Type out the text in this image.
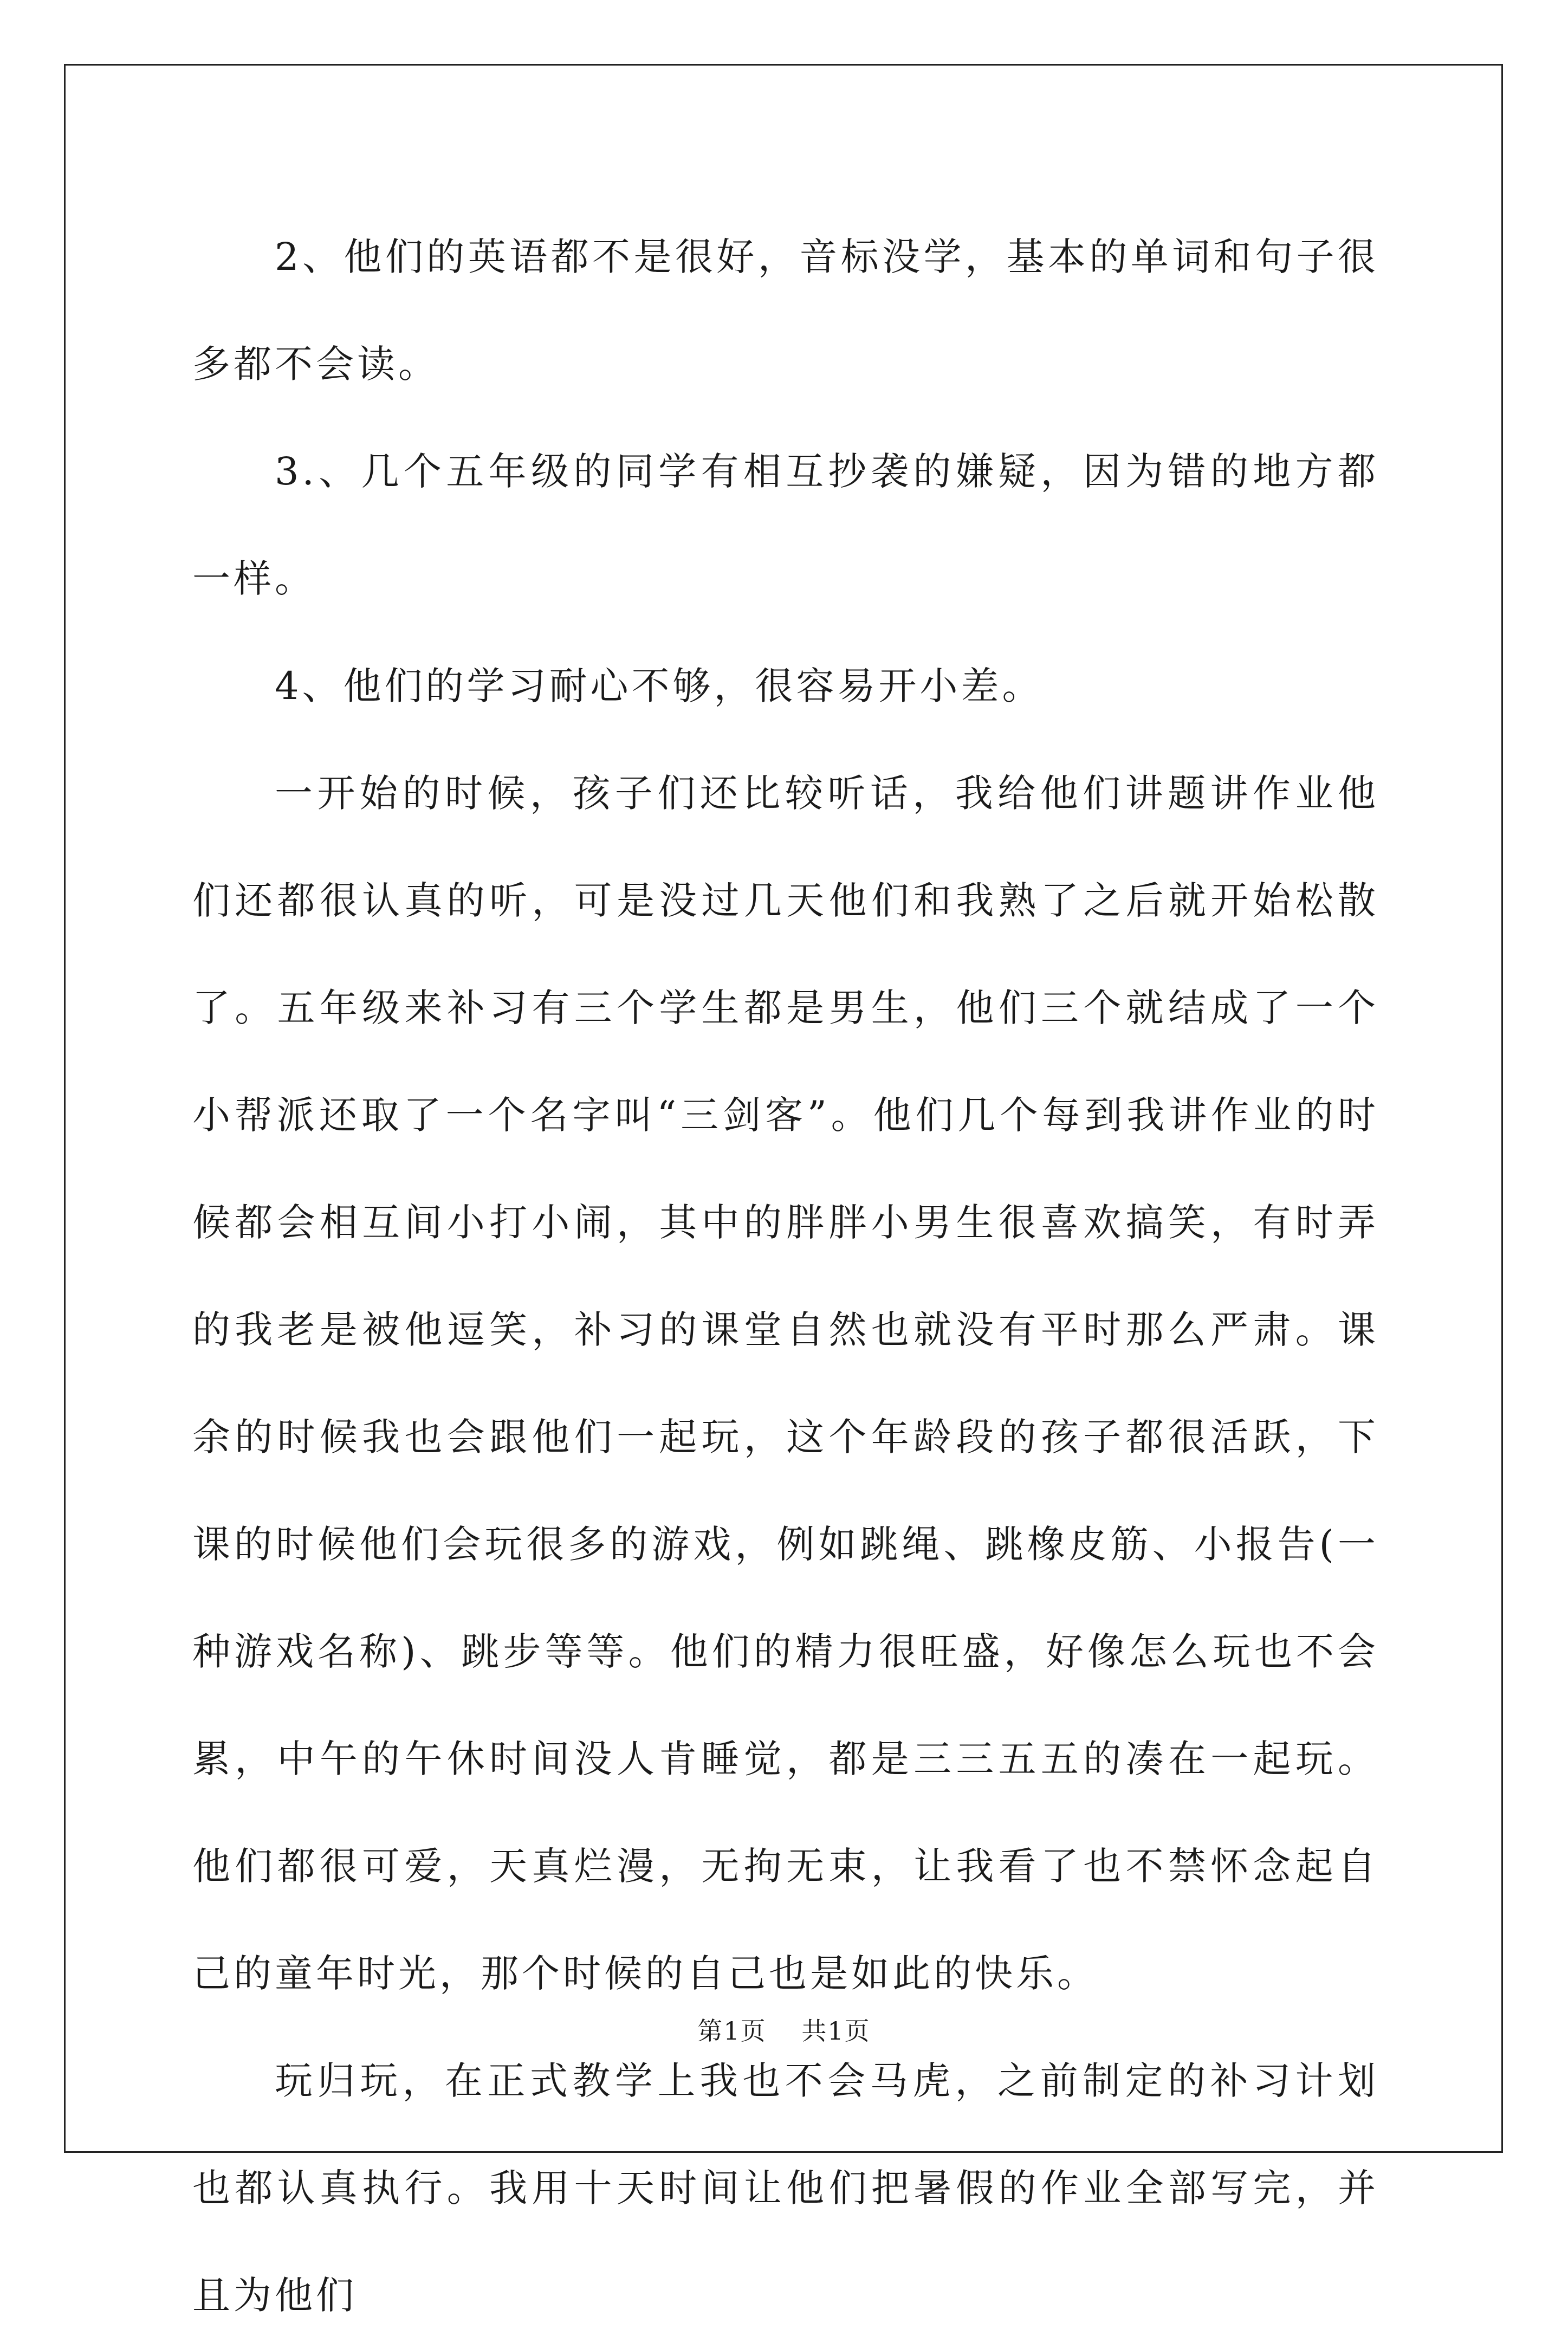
2、他们的英语都不是很好，音标没学，基本的单词和句子很多都不会读。

3.、几个五年级的同学有相互抄袭的嫌疑，因为错的地方都一样。

4、他们的学习耐心不够，很容易开小差。

一开始的时候，孩子们还比较听话，我给他们讲题讲作业他们还都很认真的听，可是没过几天他们和我熟了之后就开始松散了。五年级来补习有三个学生都是男生，他们三个就结成了一个小帮派还取了一个名字叫“三剑客”。他们几个每到我讲作业的时候都会相互间小打小闹，其中的胖胖小男生很喜欢搞笑，有时弄的我老是被他逗笑，补习的课堂自然也就没有平时那么严肃。课余的时候我也会跟他们一起玩，这个年龄段的孩子都很活跃，下课的时候他们会玩很多的游戏，例如跳绳、跳橡皮筋、小报告(一种游戏名称)、跳步等等。他们的精力很旺盛，好像怎么玩也不会累，中午的午休时间没人肯睡觉，都是三三五五的凑在一起玩。他们都很可爱，天真烂漫，无拘无束，让我看了也不禁怀念起自己的童年时光，那个时候的自己也是如此的快乐。

玩归玩，在正式教学上我也不会马虎，之前制定的补习计划也都认真执行。我用十天时间让他们把暑假的作业全部写完，并且为他们

第1页 共1页
